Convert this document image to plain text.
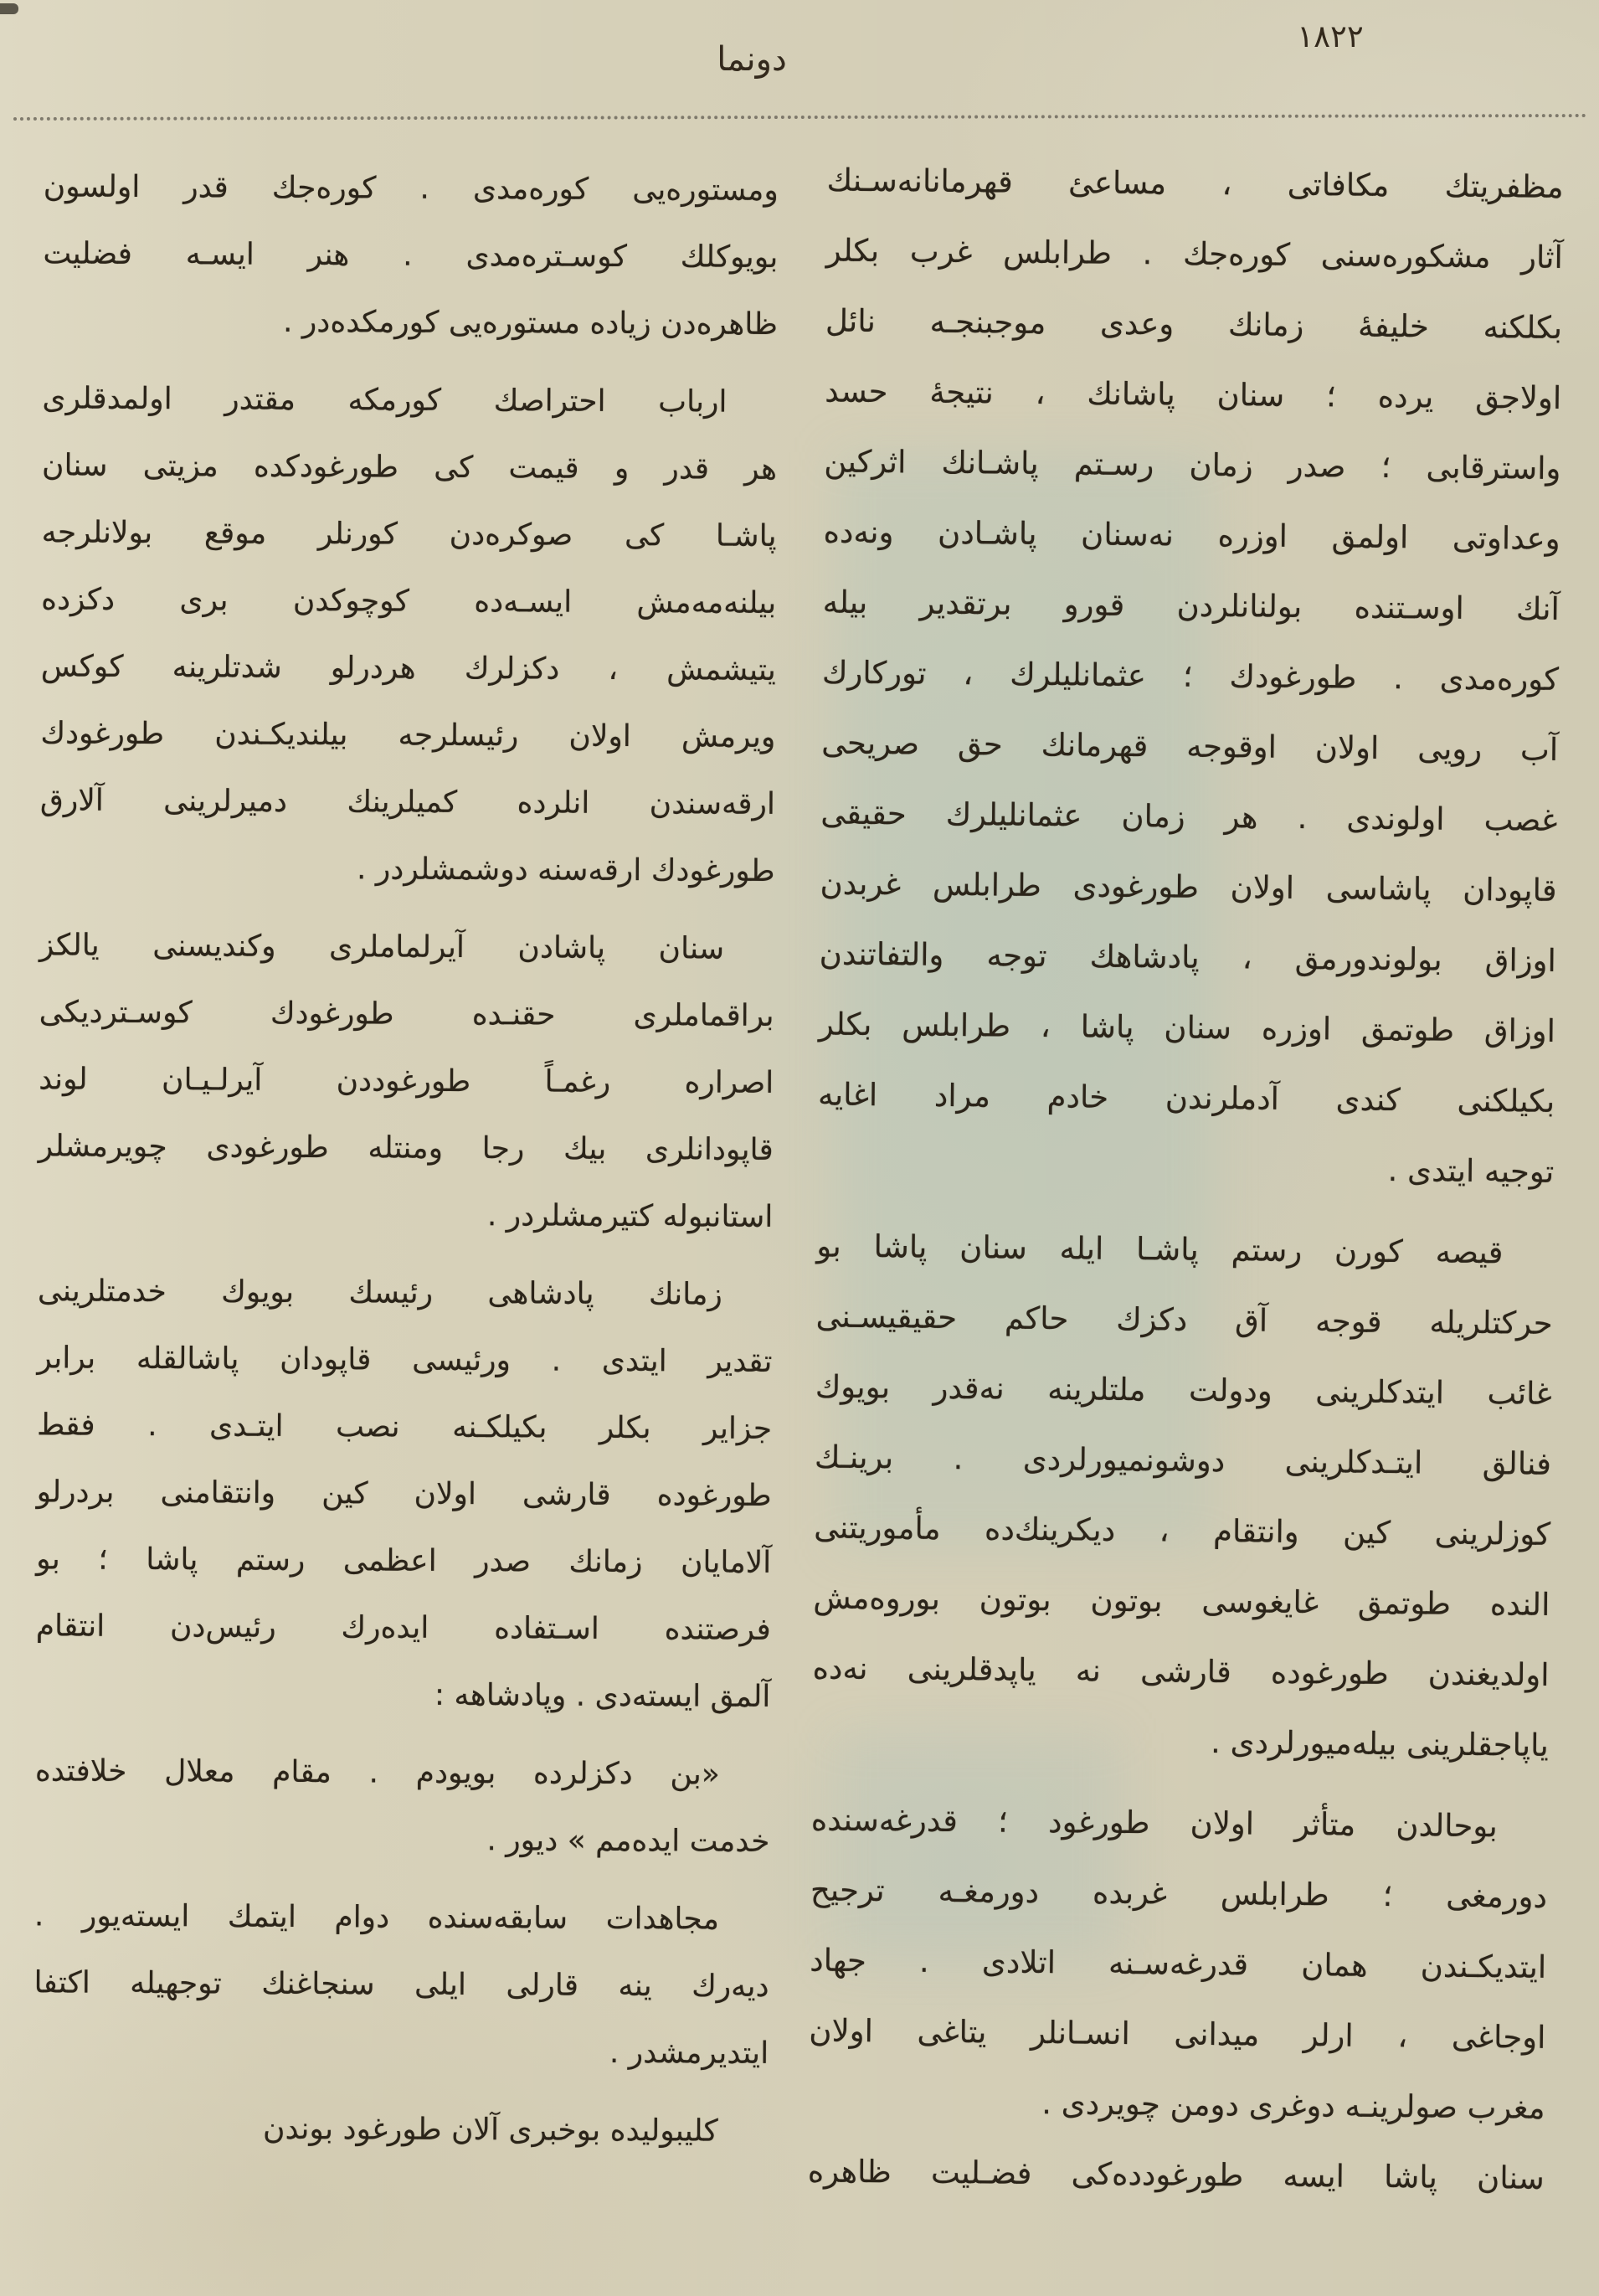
١٨٢٢
دونما
مظفريتك مكافاتى ، مساعئ قهرمانانه‌سـنك
آثار مشكوره‌سنى كوره‌جك . طرابلس غرب بكلر
بكلكنه خليفهٔ زمانك وعدى موجبنجـه نائل
اولاجق يرده ؛ سنان پاشانك ، نتيجهٔ حسد
واسترقابى ؛ صدر زمان رسـتم پاشـانك اثركين
وعداوتى اولمق اوزره نه‌سنان پاشـادن ونه‌ده
آنك اوسـتنده بولنانلردن قورو برتقدير بيله
كوره‌مدى . طورغودك ؛ عثمانليلرك ، توركارك
آب رويى اولان اوقوجه قهرمانك حق صريحى
غصب اولوندى . هر زمان عثمانليلرك حقيقى
قاپودان پاشاسى اولان طورغودى طرابلس غربدن
اوزاق بولوندورمق ، پادشاهك توجه والتفاتندن
اوزاق طوتمق اوزره سنان پاشا ، طرابلس بكلر
بكيلكنى كندى آدملرندن خادم مراد اغايه
توجيه ايتدى .
قيصه كورن رستم پاشـا ايله سنان پاشا بو
حركتلريله قوجه آق دكزك حاكم حقيقيسـنى
غائب ايتدكلرينى ودولت ملتلرينه نه‌قدر بويوك
فنالق ايتـدكلرينى دوشونميورلردى . برينـك
كوزلرينى كين وانتقام ، ديكرينك‌ده مأموريتنى
النده طوتمق غايغوسى بوتون بوتون بوروه‌مش
اولديغندن طورغوده قارشى نه ياپدقلرينى نه‌ده
ياپاجقلرينى بيله‌ميورلردى .
بوحالدن متأثر اولان طورغود ؛ قدرغه‌سنده
دورمغى ؛ طرابلس غربده دورمغـه ترجيح
ايتديكـندن همان قدرغه‌سـنه اتلادى . جهاد
اوجاغى ، ارلر ميدانى انسـانلر يتاغى اولان
مغرب صولرينـه دوغرى دومن چويردى .
سنان پاشا ايسه طورغودده‌كى فضـليت ظاهره
ومستوره‌يى كوره‌مدى . كوره‌جك قدر اولسون
بويوكلك كوسـتره‌مدى . هنر ايسـه فضليت
ظاهره‌دن زياده مستوره‌يى كورمكده‌در .
ارباب احتراصك كورمكه مقتدر اولمدقلرى
هر قدر و قيمت كى طورغودكده مزيتى سنان
پاشـا كى صوكره‌دن كورنلر موقع بولانلرجه
بيلنه‌مه‌مش ايسـه‌ده كوچوكدن برى دكزده
يتيشمش ، دكزلرك هردرلو شدتلرينه كوكس
ويرمش اولان رئيسلرجه بيلنديكـندن طورغودك
ارقه‌سندن انلرده كميلرينك دميرلرينى آلارق
طورغودك ارقه‌سنه دوشمشلردر .
سنان پاشادن آيرلماملرى وكنديسنى يالكز
براقماملرى حقنـده طورغودك كوسـترديكى
اصراره رغمـاً طورغوددن آيرلـيـان لوند
قاپودانلرى بيك رجا ومنتله طورغودى چويرمشلر
استانبوله كتيرمشلردر .
زمانك پادشاهى رئيسك بويوك خدمتلرينى
تقدير ايتدى . ورئيسى قاپودان پاشالقله برابر
جزاير بكلر بكيلكـنه نصب ايتـدى . فقط
طورغوده قارشى اولان كين وانتقامنى بردرلو
آلامايان زمانك صدر اعظمى رستم پاشا ؛ بو
فرصتنده اسـتفاده ايده‌رك رئيس‌دن انتقام
آلمق ايسته‌دى . وپادشاهه :
«بن دكزلرده بويودم . مقام معلال خلافتده
خدمت ايده‌مم » ديور .
مجاهدات سابقه‌سنده دوام ايتمك ايسته‌يور .
ديه‌رك ينه قارلى ايلى سنجاغنك توجهيله اكتفا
ايتديرمشدر .
كليبوليده بوخبرى آلان طورغود بوندن
